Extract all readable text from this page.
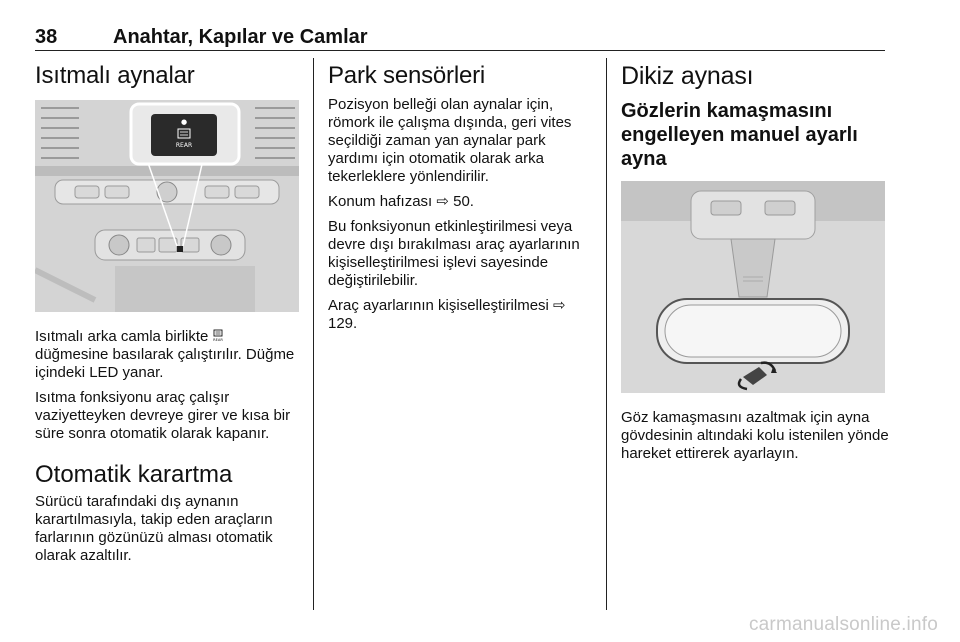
38	Anahtar, Kapılar ve Camlar
Isıtmalı aynalar
●
REAR

Isıtmalı arka camla birlikte REAR
düğmesine basılarak çalıştırılır. Düğme içindeki LED yanar.

Isıtma fonksiyonu araç çalışır vaziyetteyken devreye girer ve kısa bir süre sonra otomatik olarak kapanır.

Otomatik karartma

Sürücü tarafındaki dış aynanın karartılmasıyla, takip eden araçların farlarının gözünüzü alması otomatik olarak azaltılır.

Park sensörleri

Pozisyon belleği olan aynalar için, römork ile çalışma dışında, geri vites seçildiği zaman yan aynalar park yardımı için otomatik olarak arka tekerleklere yönlendirilir.

Konum hafızası ⇨ 50.

Bu fonksiyonun etkinleştirilmesi veya devre dışı bırakılması araç ayarlarının kişiselleştirilmesi işlevi sayesinde değiştirilebilir.

Araç ayarlarının kişiselleştirilmesi ⇨ 129.

Dikiz aynası
Gözlerin kamaşmasını engelleyen manuel ayarlı ayna

Göz kamaşmasını azaltmak için ayna gövdesinin altındaki kolu istenilen yönde hareket ettirerek ayarlayın.

carmanualsonline.info
